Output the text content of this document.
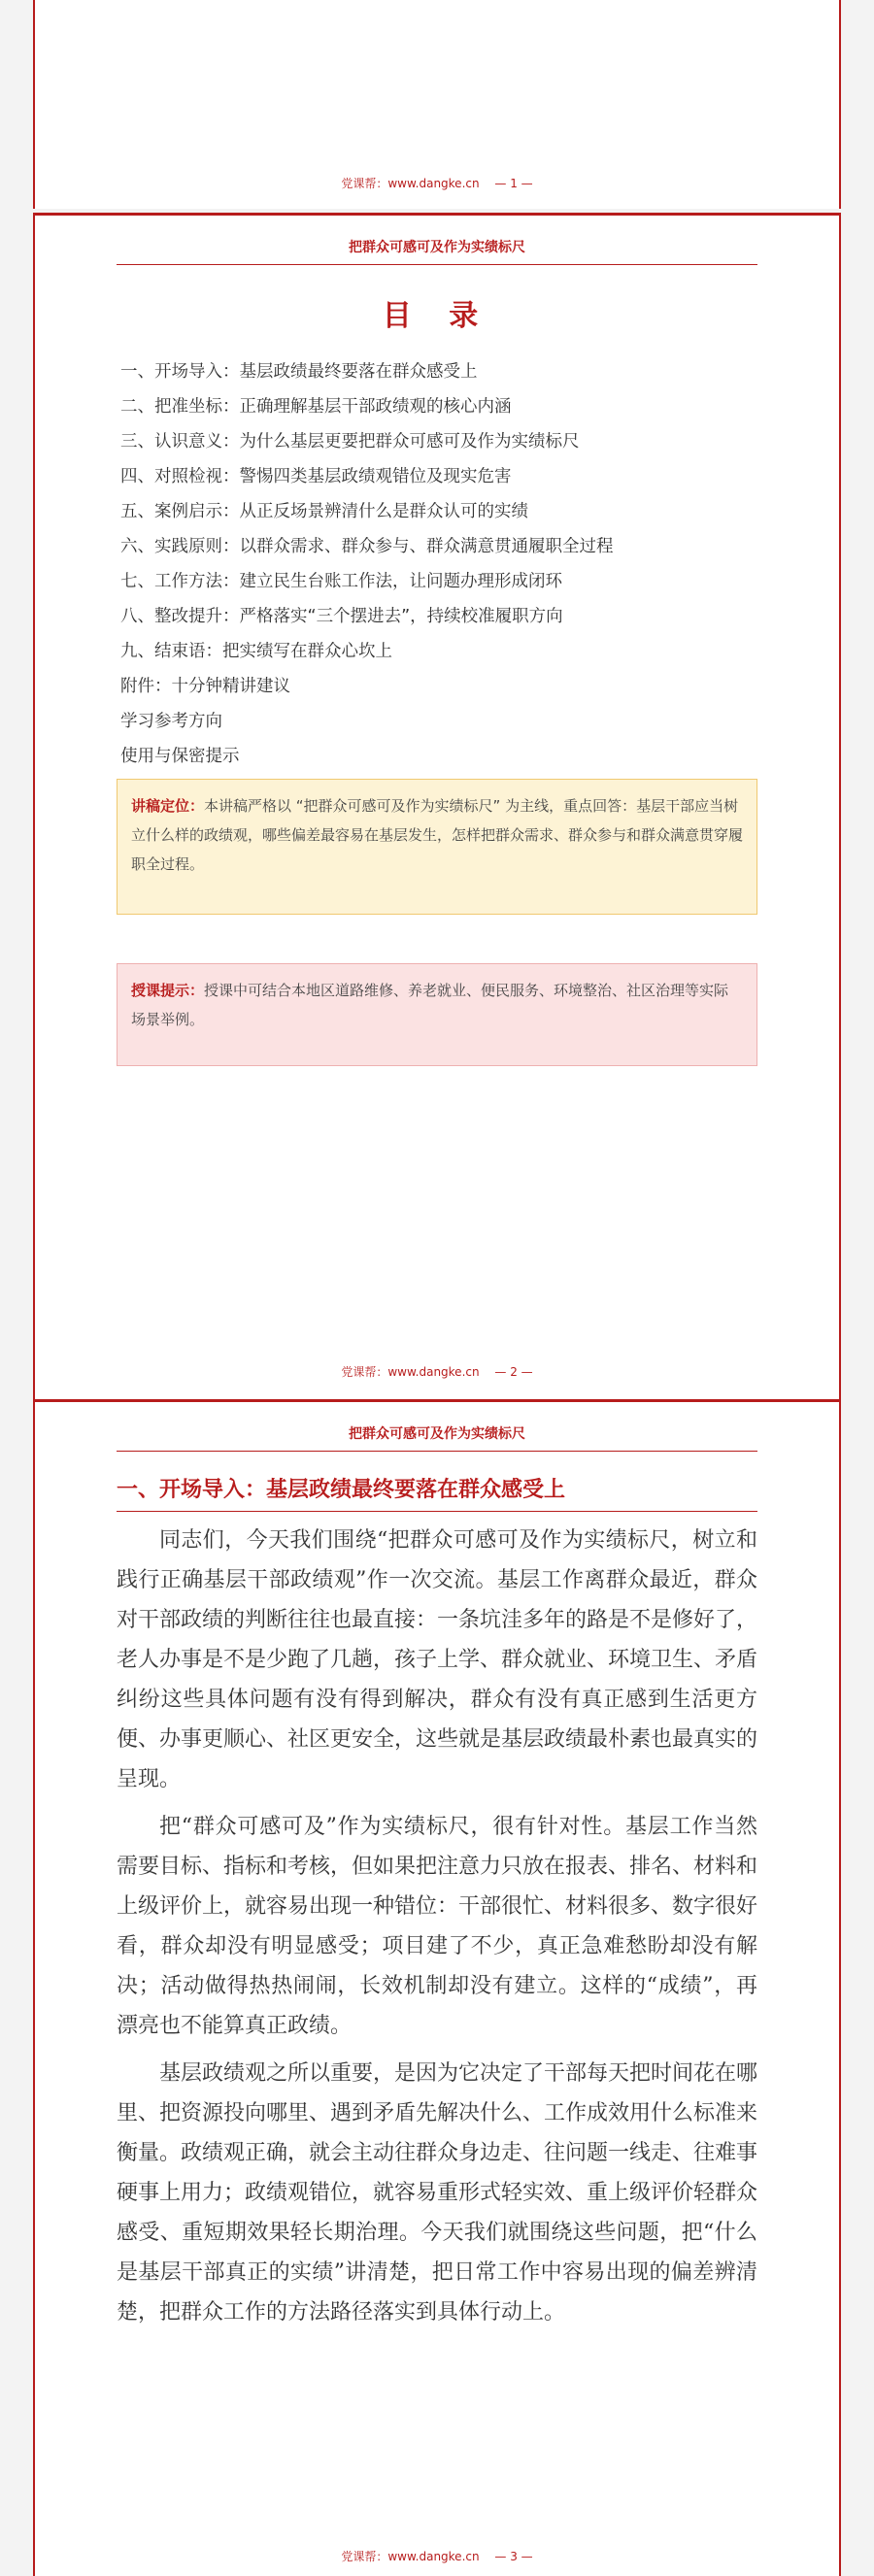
党课帮：www.dangke.cn — 1 —
把群众可感可及作为实绩标尺
目 录
一、开场导入：基层政绩最终要落在群众感受上
二、把准坐标：正确理解基层干部政绩观的核心内涵
三、认识意义：为什么基层更要把群众可感可及作为实绩标尺
四、对照检视：警惕四类基层政绩观错位及现实危害
五、案例启示：从正反场景辨清什么是群众认可的实绩
六、实践原则：以群众需求、群众参与、群众满意贯通履职全过程
七、工作方法：建立民生台账工作法，让问题办理形成闭环
八、整改提升：严格落实“三个摆进去”，持续校准履职方向
九、结束语：把实绩写在群众心坎上
附件：十分钟精讲建议
学习参考方向
使用与保密提示
讲稿定位：本讲稿严格以 “把群众可感可及作为实绩标尺” 为主线，重点回答：基层干部应当树立什么样的政绩观，哪些偏差最容易在基层发生，怎样把群众需求、群众参与和群众满意贯穿履职全过程。
授课提示：授课中可结合本地区道路维修、养老就业、便民服务、环境整治、社区治理等实际场景举例。
党课帮：www.dangke.cn — 2 —
把群众可感可及作为实绩标尺
一、开场导入：基层政绩最终要落在群众感受上

同志们，今天我们围绕“把群众可感可及作为实绩标尺，树立和践行正确基层干部政绩观”作一次交流。基层工作离群众最近，群众对干部政绩的判断往往也最直接：一条坑洼多年的路是不是修好了，老人办事是不是少跑了几趟，孩子上学、群众就业、环境卫生、矛盾纠纷这些具体问题有没有得到解决，群众有没有真正感到生活更方便、办事更顺心、社区更安全，这些就是基层政绩最朴素也最真实的呈现。

把“群众可感可及”作为实绩标尺，很有针对性。基层工作当然需要目标、指标和考核，但如果把注意力只放在报表、排名、材料和上级评价上，就容易出现一种错位：干部很忙、材料很多、数字很好看，群众却没有明显感受；项目建了不少，真正急难愁盼却没有解决；活动做得热热闹闹，长效机制却没有建立。这样的“成绩”，再漂亮也不能算真正政绩。

基层政绩观之所以重要，是因为它决定了干部每天把时间花在哪里、把资源投向哪里、遇到矛盾先解决什么、工作成效用什么标准来衡量。政绩观正确，就会主动往群众身边走、往问题一线走、往难事硬事上用力；政绩观错位，就容易重形式轻实效、重上级评价轻群众感受、重短期效果轻长期治理。今天我们就围绕这些问题，把“什么是基层干部真正的实绩”讲清楚，把日常工作中容易出现的偏差辨清楚，把群众工作的方法路径落实到具体行动上。

党课帮：www.dangke.cn — 3 —
